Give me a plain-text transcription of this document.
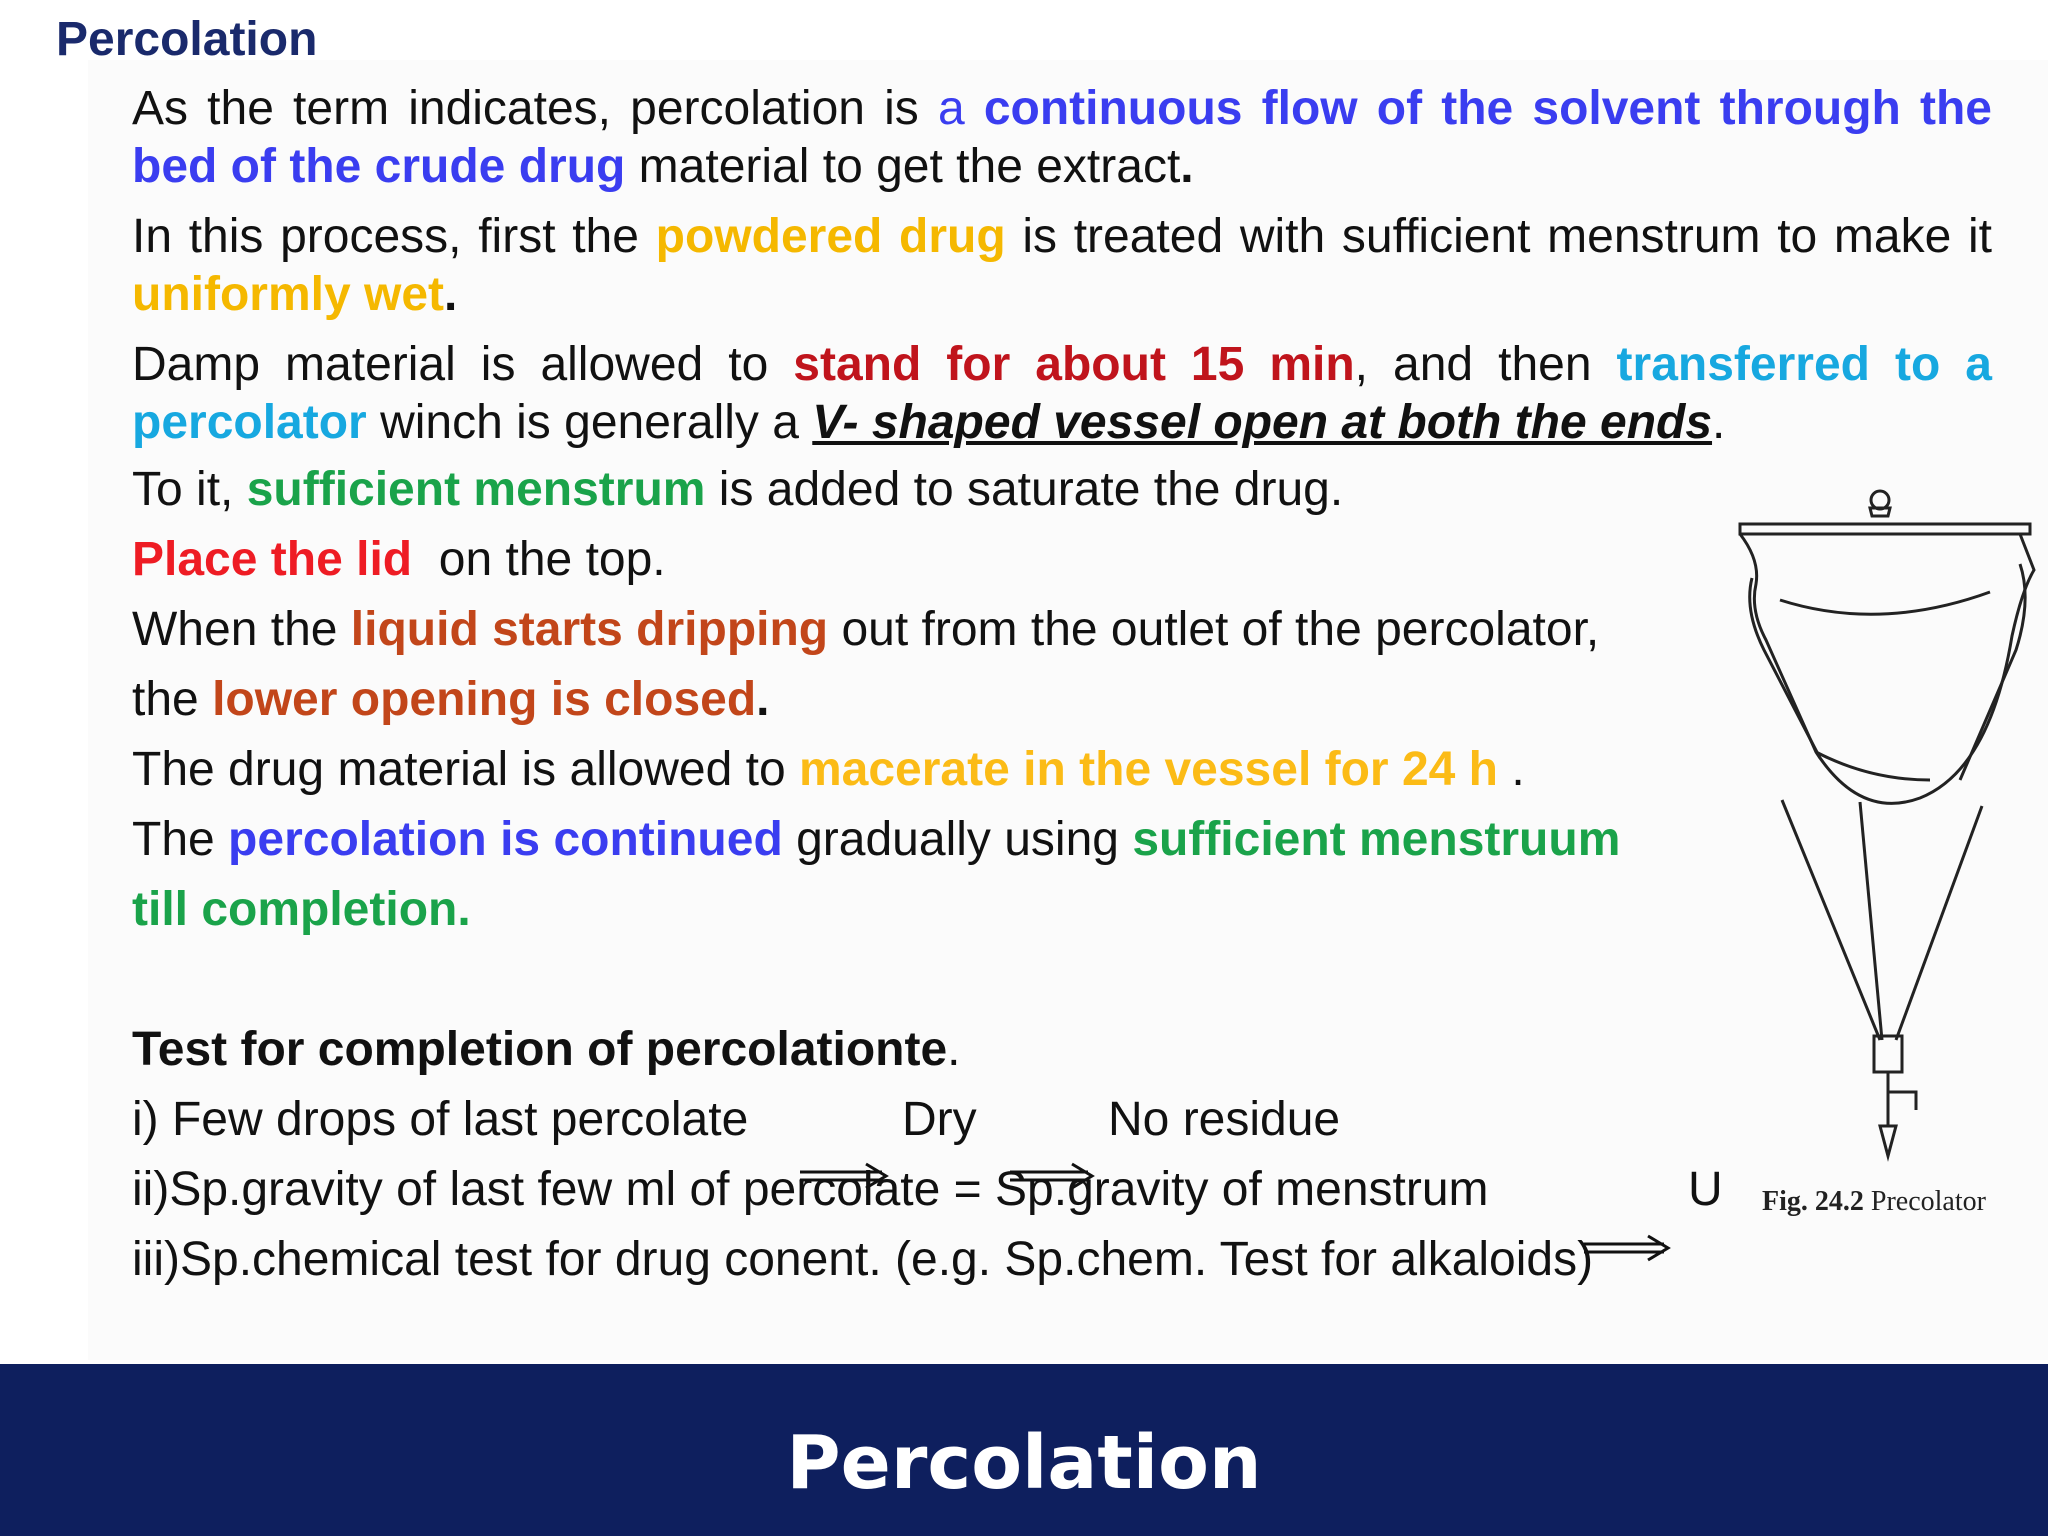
Percolation

As the term indicates, percolation is a continuous flow of the solvent through the bed of the crude drug material to get the extract.

In this process, first the powdered drug is treated with sufficient menstrum to make it uniformly wet.

Damp material is allowed to stand for about 15 min, and then transferred to a percolator winch is generally a V- shaped vessel open at both the ends.

To it, sufficient menstrum is added to saturate the drug.
Place the lid  on the top.
When the liquid starts dripping out from the outlet of the percolator,
the lower opening is closed.
The drug material is allowed to macerate in the vessel for 24 h .
The percolation is continued gradually using sufficient menstruum
till completion.
Test for completion of percolationte.
i) Few drops of last percolate	Dry	No residue
ii)Sp.gravity of last few ml of percolate = Sp.gravity of menstrum	U
iii)Sp.chemical test for drug conent. (e.g. Sp.chem. Test for alkaloids)
Fig. 24.2 Precolator
Percolation
